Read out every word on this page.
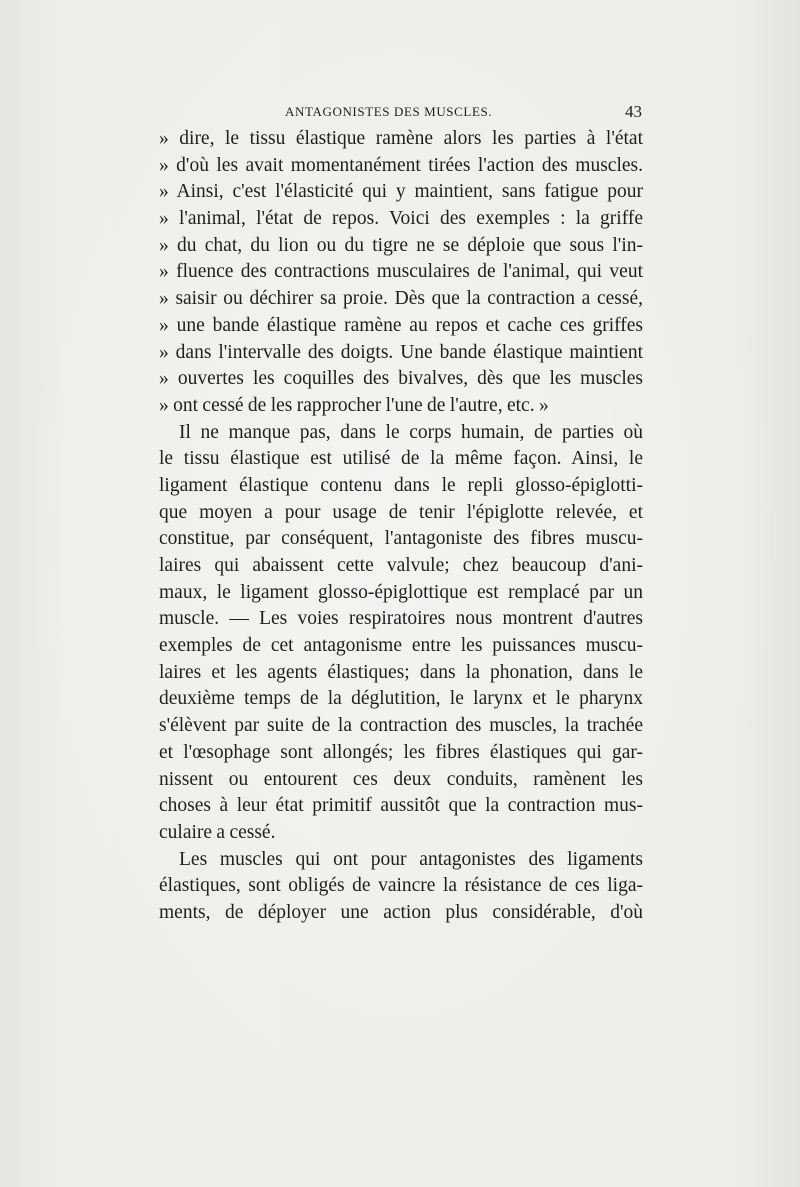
ANTAGONISTES DES MUSCLES.	43
» dire, le tissu élastique ramène alors les parties à l'état
» d'où les avait momentanément tirées l'action des muscles.
» Ainsi, c'est l'élasticité qui y maintient, sans fatigue pour
» l'animal, l'état de repos. Voici des exemples : la griffe
» du chat, du lion ou du tigre ne se déploie que sous l'in-
» fluence des contractions musculaires de l'animal, qui veut
» saisir ou déchirer sa proie. Dès que la contraction a cessé,
» une bande élastique ramène au repos et cache ces griffes
» dans l'intervalle des doigts. Une bande élastique maintient
» ouvertes les coquilles des bivalves, dès que les muscles
» ont cessé de les rapprocher l'une de l'autre, etc. »
Il ne manque pas, dans le corps humain, de parties où
le tissu élastique est utilisé de la même façon. Ainsi, le
ligament élastique contenu dans le repli glosso-épiglotti-
que moyen a pour usage de tenir l'épiglotte relevée, et
constitue, par conséquent, l'antagoniste des fibres muscu-
laires qui abaissent cette valvule; chez beaucoup d'ani-
maux, le ligament glosso-épiglottique est remplacé par un
muscle. — Les voies respiratoires nous montrent d'autres
exemples de cet antagonisme entre les puissances muscu-
laires et les agents élastiques; dans la phonation, dans le
deuxième temps de la déglutition, le larynx et le pharynx
s'élèvent par suite de la contraction des muscles, la trachée
et l'œsophage sont allongés; les fibres élastiques qui gar-
nissent ou entourent ces deux conduits, ramènent les
choses à leur état primitif aussitôt que la contraction mus-
culaire a cessé.
Les muscles qui ont pour antagonistes des ligaments
élastiques, sont obligés de vaincre la résistance de ces liga-
ments, de déployer une action plus considérable, d'où
